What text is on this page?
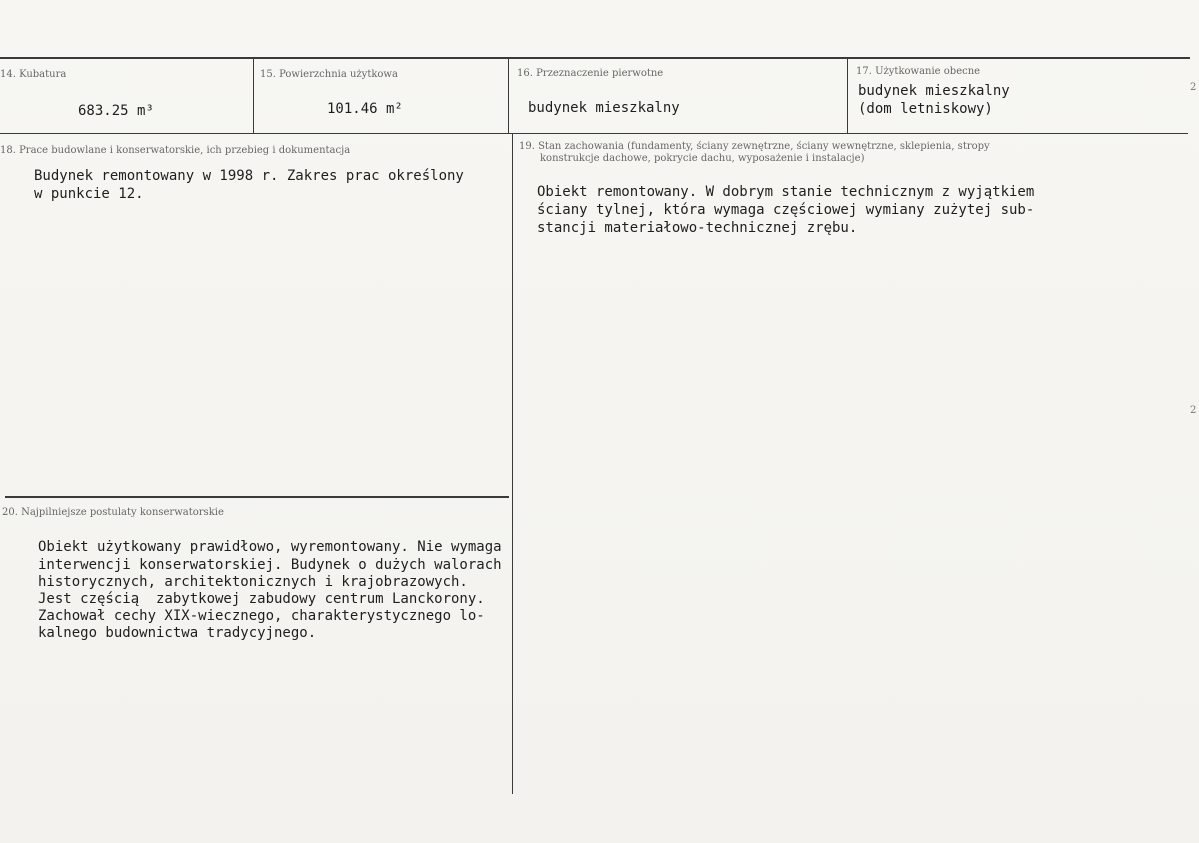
14. Kubatura
683.25 m³
15. Powierzchnia użytkowa
101.46 m²
16. Przeznaczenie pierwotne
budynek mieszkalny
17. Użytkowanie obecne
budynek mieszkalny
(dom letniskowy)
18. Prace budowlane i konserwatorskie, ich przebieg i dokumentacja
Budynek remontowany w 1998 r. Zakres prac określony
w punkcie 12.
19. Stan zachowania (fundamenty, ściany zewnętrzne, ściany wewnętrzne, sklepienia, stropy
konstrukcje dachowe, pokrycie dachu, wyposażenie i instalacje)
Obiekt remontowany. W dobrym stanie technicznym z wyjątkiem
ściany tylnej, która wymaga częściowej wymiany zużytej sub-
stancji materiałowo-technicznej zrębu.
20. Najpilniejsze postulaty konserwatorskie
Obiekt użytkowany prawidłowo, wyremontowany. Nie wymaga
interwencji konserwatorskiej. Budynek o dużych walorach
historycznych, architektonicznych i krajobrazowych.
Jest częścią  zabytkowej zabudowy centrum Lanckorony.
Zachował cechy XIX-wiecznego, charakterystycznego lo-
kalnego budownictwa tradycyjnego.
2
2
